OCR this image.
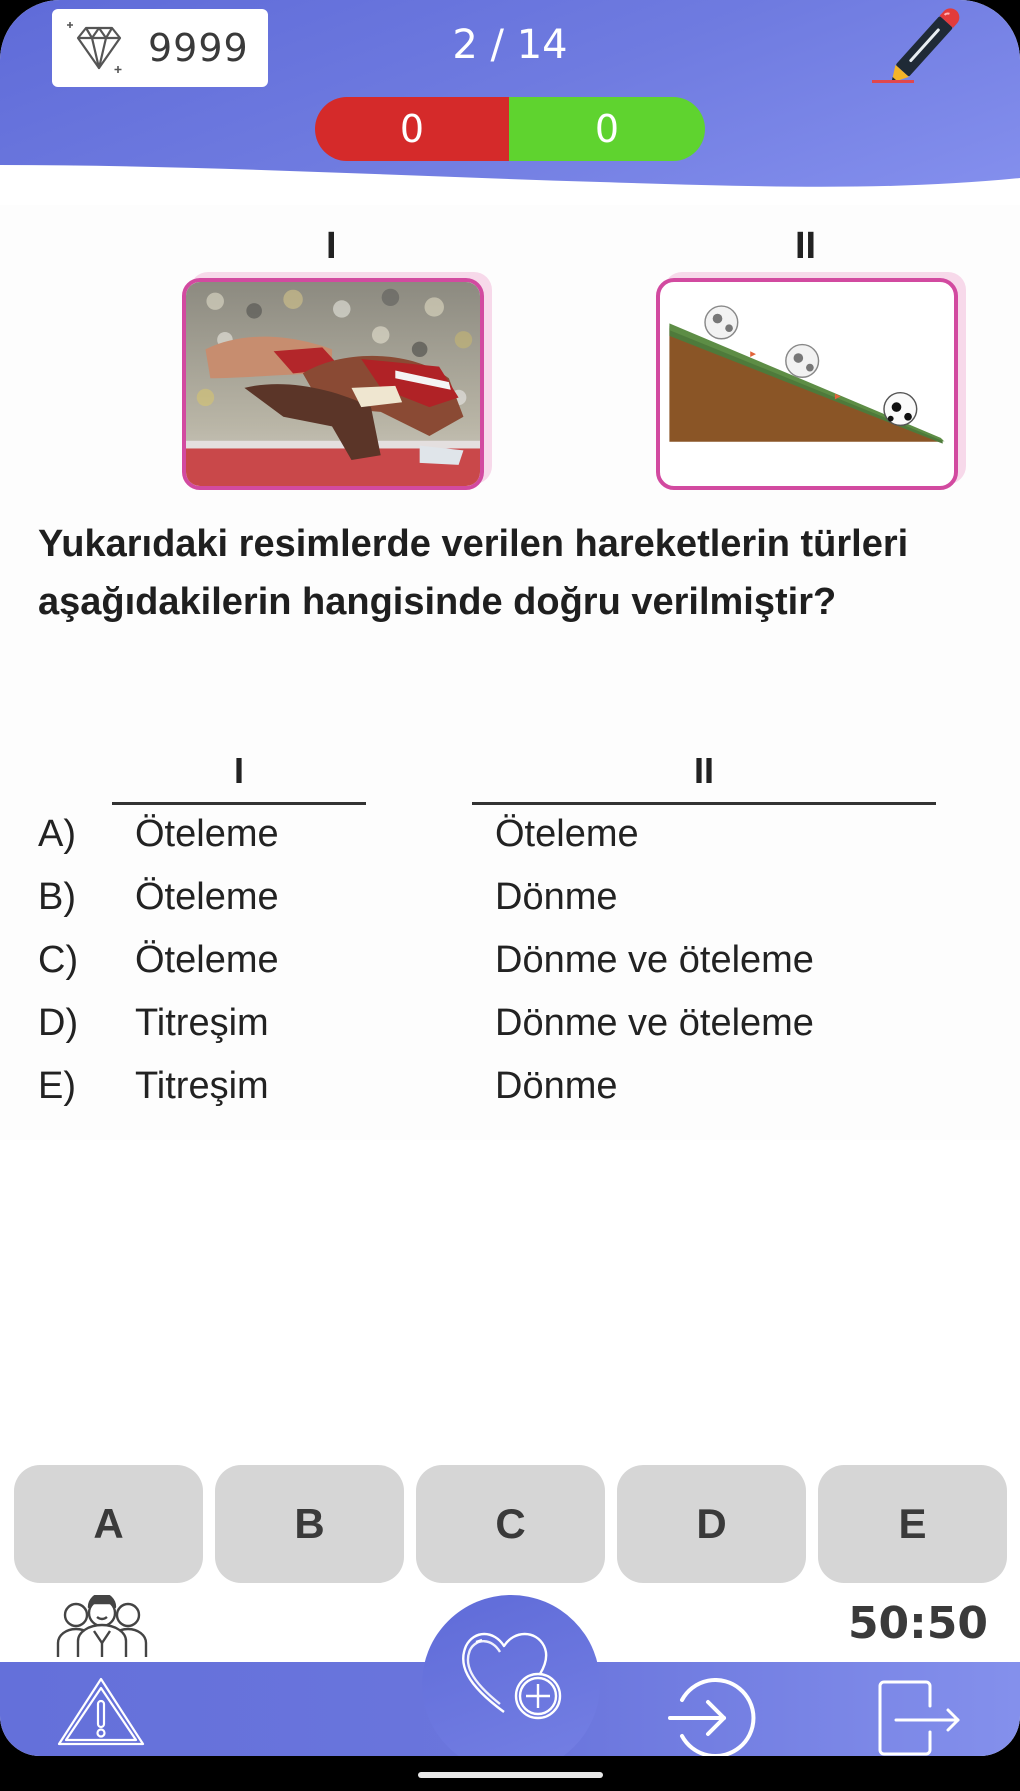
9999	2 / 14
0	0
I	II
Yukarıdaki resimlerde verilen hareketlerin türleri aşağıdakilerin hangisinde doğru verilmiştir?
I	II
A) Öteleme	Öteleme
B) Öteleme	Dönme
C) Öteleme	Dönme ve öteleme
D) Titreşim	Dönme ve öteleme
E) Titreşim	Dönme
A	B	C	D	E
50:50
